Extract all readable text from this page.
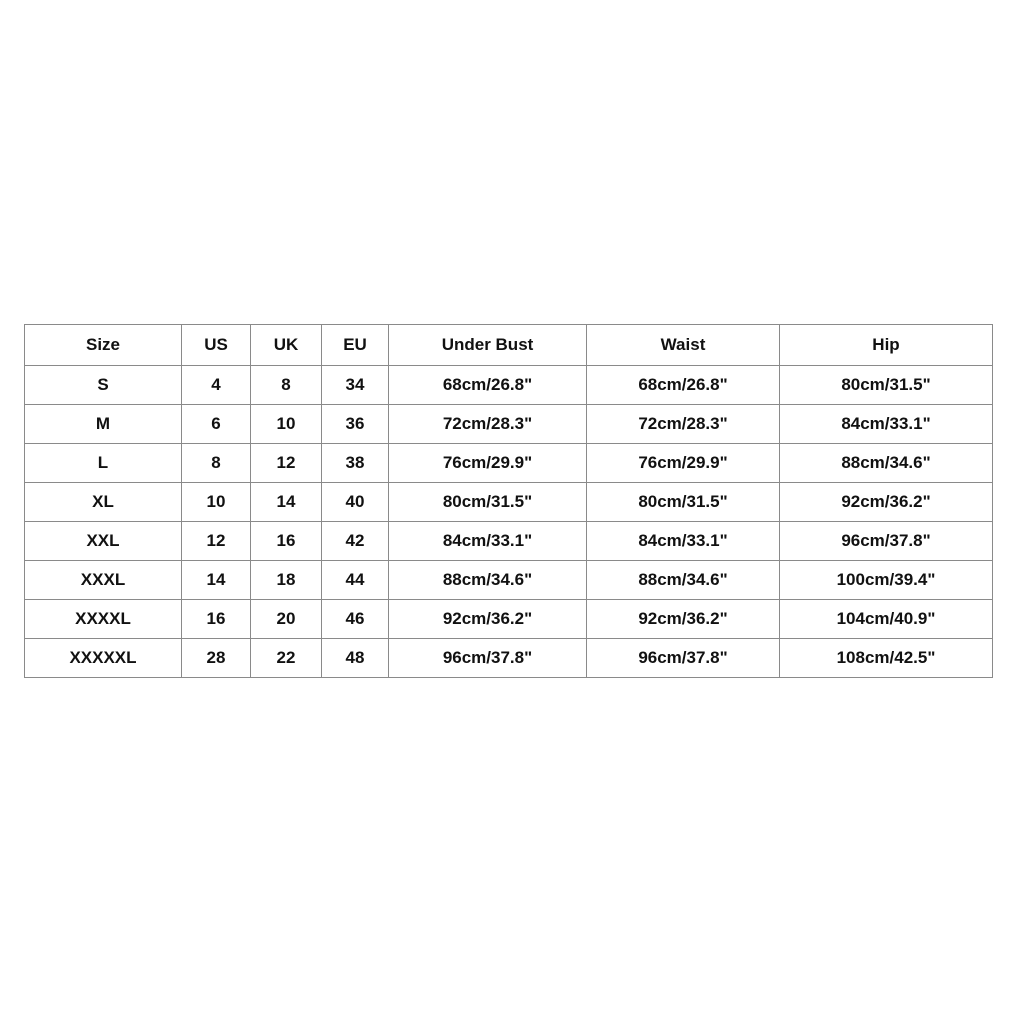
Size	US	UK	EU	Under Bust	Waist	Hip
S	4	8	34	68cm/26.8"	68cm/26.8"	80cm/31.5"
M	6	10	36	72cm/28.3"	72cm/28.3"	84cm/33.1"
L	8	12	38	76cm/29.9"	76cm/29.9"	88cm/34.6"
XL	10	14	40	80cm/31.5"	80cm/31.5"	92cm/36.2"
XXL	12	16	42	84cm/33.1"	84cm/33.1"	96cm/37.8"
XXXL	14	18	44	88cm/34.6"	88cm/34.6"	100cm/39.4"
XXXXL	16	20	46	92cm/36.2"	92cm/36.2"	104cm/40.9"
XXXXXL	28	22	48	96cm/37.8"	96cm/37.8"	108cm/42.5"
